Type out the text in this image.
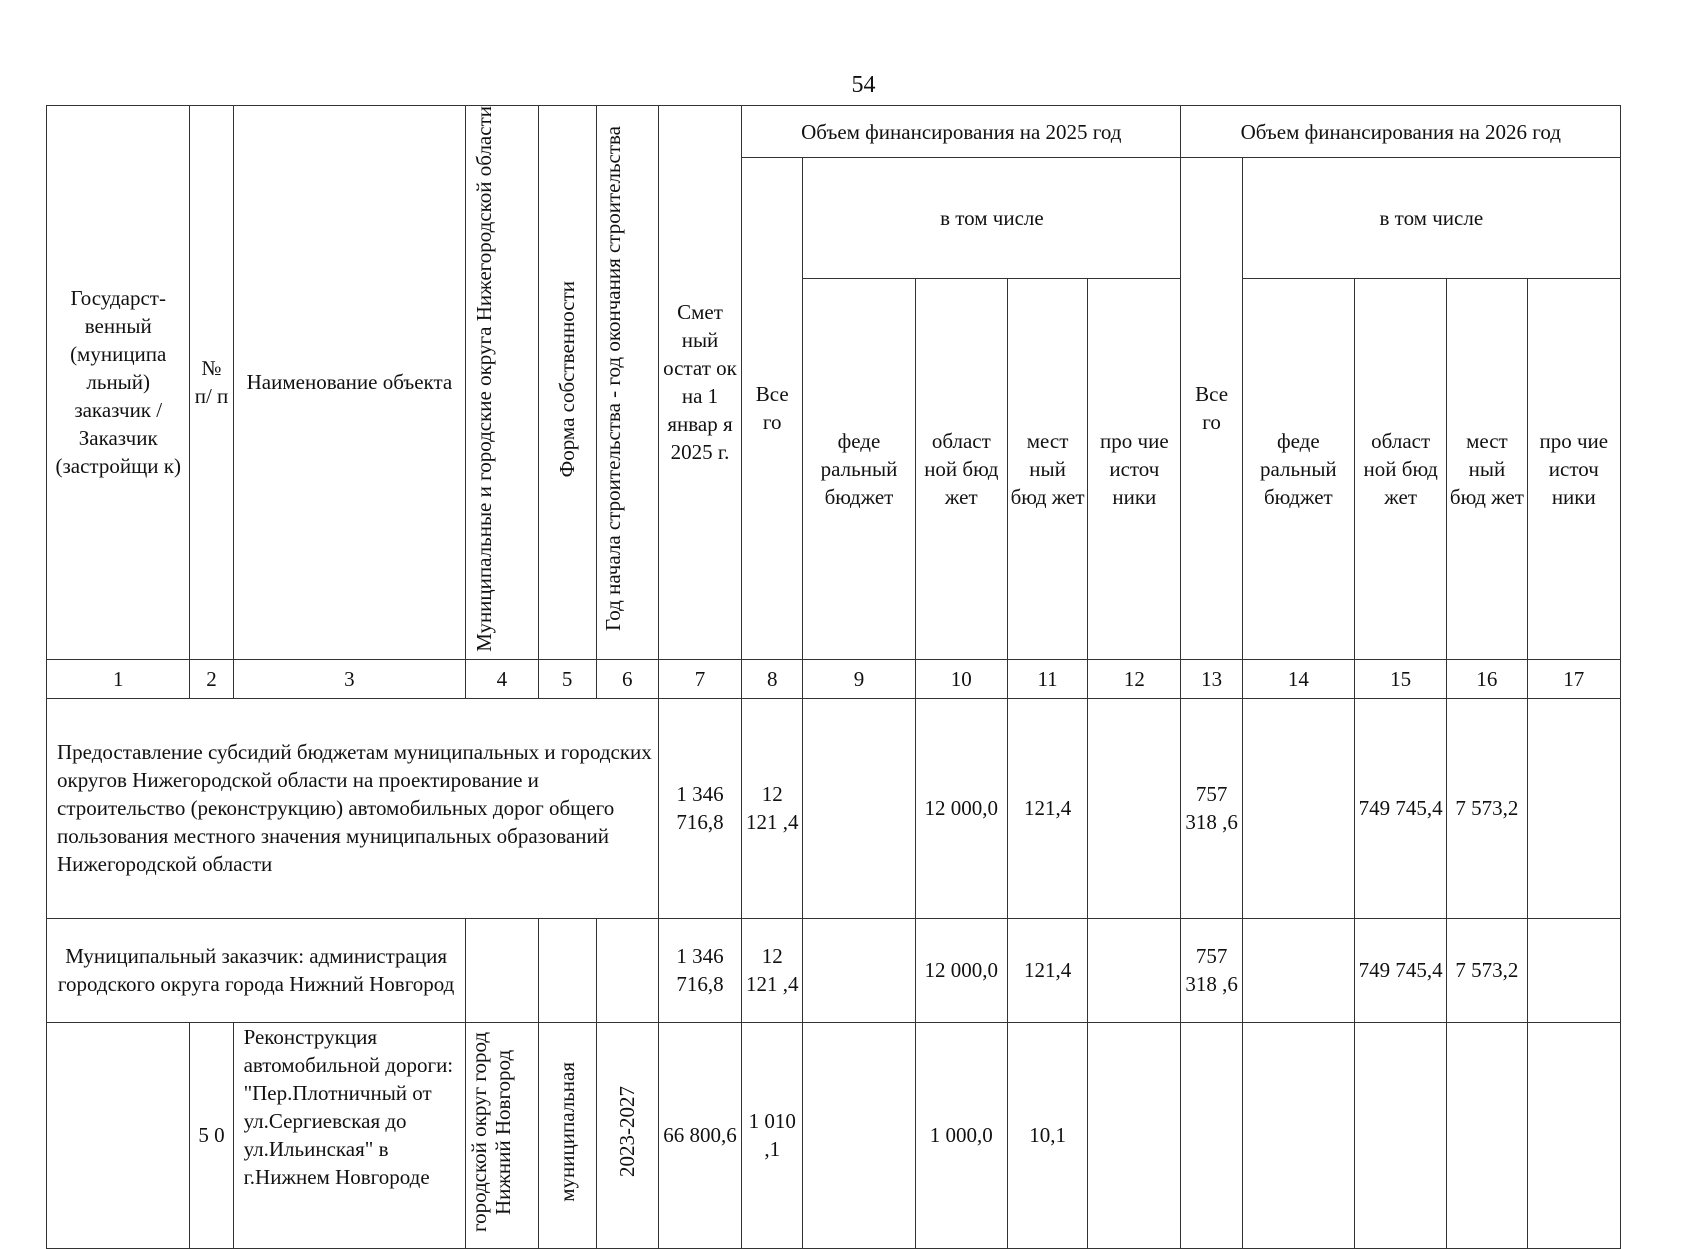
54
Государст-венный (муниципа льный) заказчик / Заказчик (застройщи к)	№ п/ п	Наименование объекта	Муниципальные и городские округа Нижегородской области	Форма собственности	Год начала строительства - год окончания строительства	Смет ный остат ок на 1 январ я 2025 г.	Объем финансирования на 2025 год					Объем финансирования на 2026 год				
							Все го	в том числе				Все го	в том числе			
								феде ральный бюджет	област ной бюд жет	мест ный бюд жет	про чие источ ники		феде ральный бюджет	област ной бюд жет	мест ный бюд жет	про чие источ ники
1	2	3	4	5	6	7	8	9	10	11	12	13	14	15	16	17
Предоставление субсидий бюджетам муниципальных и городских округов Нижегородской области на проектирование и строительство (реконструкцию) автомобильных дорог общего пользования местного значения муниципальных образований Нижегородской области						1 346 716,8	12 121 ,4		12 000,0	121,4		757 318 ,6		749 745,4	7 573,2	
Муниципальный заказчик: администрация городского округа города Нижний Новгород						1 346 716,8	12 121 ,4		12 000,0	121,4		757 318 ,6		749 745,4	7 573,2	
	5 0	Реконструкция автомобильной дороги: "Пер.Плотничный от ул.Сергиевская до ул.Ильинская" в г.Нижнем Новгороде	городской округ город Нижний Новгород	муниципальная	2023-2027	66 800,6	1 010 ,1		1 000,0	10,1						
